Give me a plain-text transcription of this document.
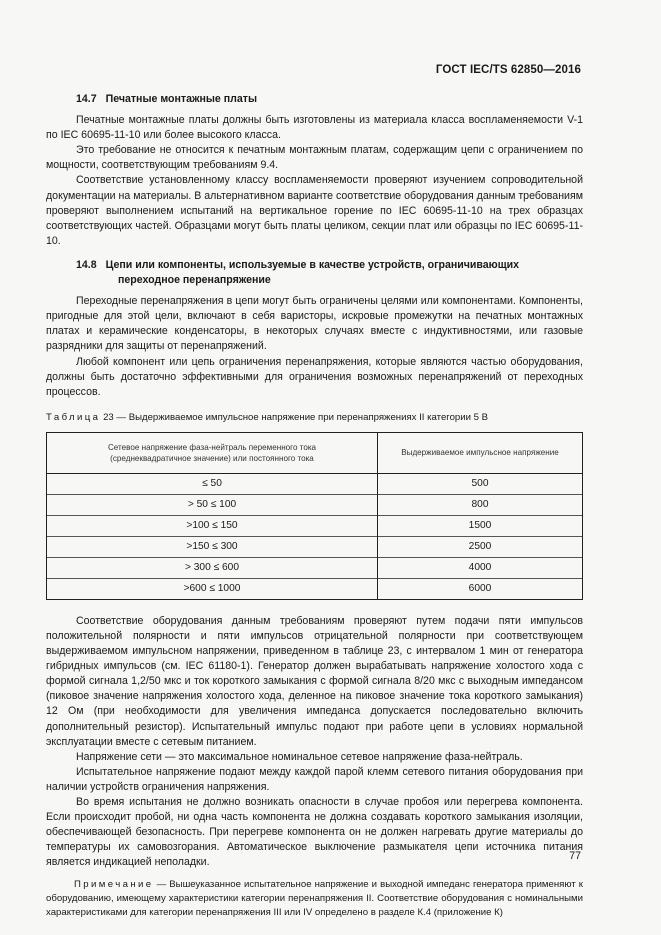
ГОСТ IEC/TS 62850—2016
14.7 Печатные монтажные платы

Печатные монтажные платы должны быть изготовлены из материала класса воспламеняемости V-1 по IEC 60695-11-10 или более высокого класса.

Это требование не относится к печатным монтажным платам, содержащим цепи с ограничением по мощности, соответствующим требованиям 9.4.

Соответствие установленному классу воспламеняемости проверяют изучением сопроводительной документации на материалы. В альтернативном варианте соответствие оборудования данным требованиям проверяют выполнением испытаний на вертикальное горение по IEC 60695-11-10 на трех образцах соответствующих частей. Образцами могут быть платы целиком, секции плат или образцы по IEC 60695-11-10.

14.8 Цепи или компоненты, используемые в качестве устройств, ограничивающих
переходное перенапряжение

Переходные перенапряжения в цепи могут быть ограничены целями или компонентами. Компоненты, пригодные для этой цели, включают в себя варисторы, искровые промежутки на печатных монтажных платах и керамические конденсаторы, в некоторых случаях вместе с индуктивностями, или газовые разрядники для защиты от перенапряжений.

Любой компонент или цепь ограничения перенапряжения, которые являются частью оборудования, должны быть достаточно эффективными для ограничения возможных перенапряжений от переходных процессов.

Таблица 23 — Выдерживаемое импульсное напряжение при перенапряжениях II категории 5 В
Сетевое напряжение фаза-нейтраль переменного тока
(среднеквадратичное значение) или постоянного тока	Выдерживаемое импульсное напряжение
≤ 50	500
> 50 ≤ 100	800
>100 ≤ 150	1500
>150 ≤ 300	2500
> 300 ≤ 600	4000
>600 ≤ 1000	6000

Соответствие оборудования данным требованиям проверяют путем подачи пяти импульсов положительной полярности и пяти импульсов отрицательной полярности при соответствующем выдерживаемом импульсном напряжении, приведенном в таблице 23, с интервалом 1 мин от генератора гибридных импульсов (см. IEC 61180-1). Генератор должен вырабатывать напряжение холостого хода с формой сигнала 1,2/50 мкс и ток короткого замыкания с формой сигнала 8/20 мкс с выходным импедансом (пиковое значение напряжения холостого хода, деленное на пиковое значение тока короткого замыкания) 12 Ом (при необходимости для увеличения импеданса допускается последовательно включить дополнительный резистор). Испытательный импульс подают при работе цепи в условиях нормальной эксплуатации вместе с сетевым питанием.

Напряжение сети — это максимальное номинальное сетевое напряжение фаза-нейтраль.

Испытательное напряжение подают между каждой парой клемм сетевого питания оборудования при наличии устройств ограничения напряжения.

Во время испытания не должно возникать опасности в случае пробоя или перегрева компонента. Если происходит пробой, ни одна часть компонента не должна создавать короткого замыкания изоляции, обеспечивающей безопасность. При перегреве компонента он не должен нагревать другие материалы до температуры их самовозгорания. Автоматическое выключение размыкателя цепи источника питания является индикацией неполадки.

Примечание — Вышеуказанное испытательное напряжение и выходной импеданс генератора применяют к оборудованию, имеющему характеристики категории перенапряжения II. Соответствие оборудования с номинальными характеристиками для категории перенапряжения III или IV определено в разделе К.4 (приложение К)
77
